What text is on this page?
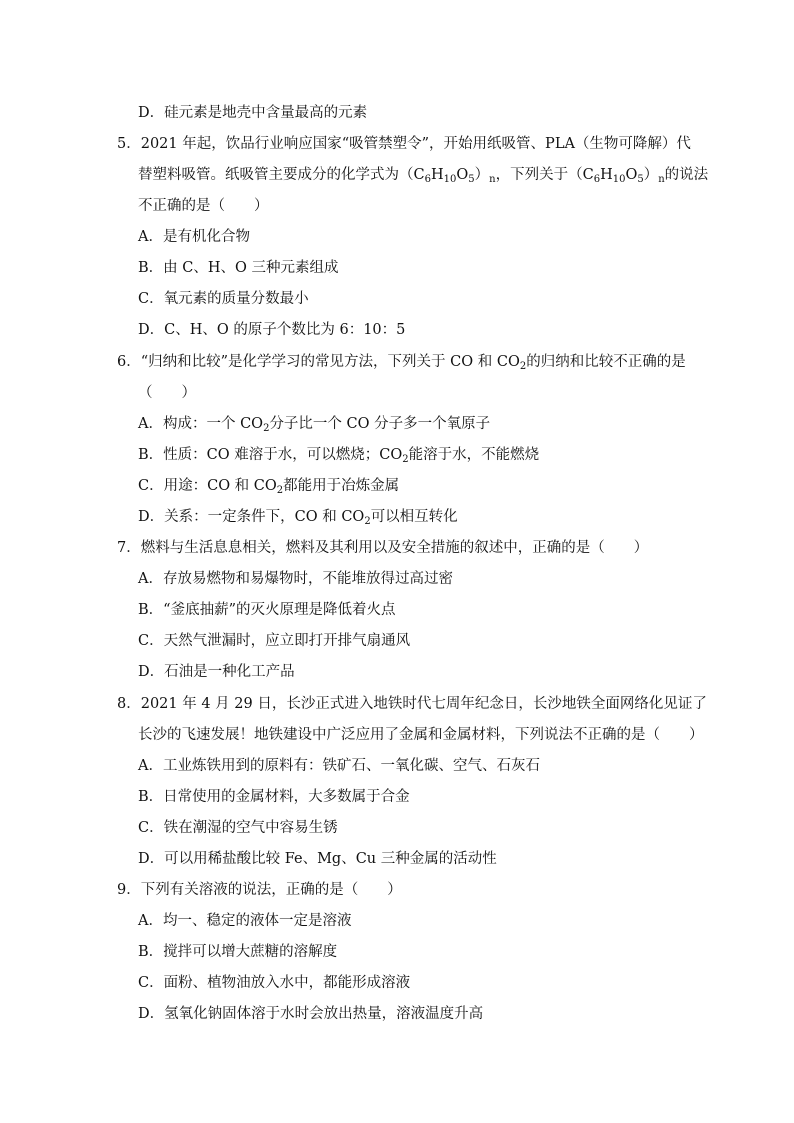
D．硅元素是地壳中含量最高的元素
5．2021 年起，饮品行业响应国家“吸管禁塑令”，开始用纸吸管、PLA（生物可降解）代
替塑料吸管。纸吸管主要成分的化学式为$(C_6H_{10}O_5)_n$，下列关于$(C_6H_{10}O_5)_n$的说法
不正确的是（　　）
A．是有机化合物
B．由 C、H、O 三种元素组成
C．氧元素的质量分数最小
D．C、H、O 的原子个数比为 6：10：5
6．“归纳和比较”是化学学习的常见方法，下列关于 CO 和 $CO_2$的归纳和比较不正确的是
（　　）
A．构成：一个 $CO_2$分子比一个 CO 分子多一个氧原子
B．性质：CO 难溶于水，可以燃烧；$CO_2$能溶于水，不能燃烧
C．用途：CO 和 $CO_2$都能用于冶炼金属
D．关系：一定条件下，CO 和 $CO_2$可以相互转化
7．燃料与生活息息相关，燃料及其利用以及安全措施的叙述中，正确的是（　　）
A．存放易燃物和易爆物时，不能堆放得过高过密
B．“釜底抽薪”的灭火原理是降低着火点
C．天然气泄漏时，应立即打开排气扇通风
D．石油是一种化工产品
8．2021 年 4 月 29 日，长沙正式进入地铁时代七周年纪念日，长沙地铁全面网络化见证了
长沙的飞速发展！地铁建设中广泛应用了金属和金属材料，下列说法不正确的是（　　）
A．工业炼铁用到的原料有：铁矿石、一氧化碳、空气、石灰石
B．日常使用的金属材料，大多数属于合金
C．铁在潮湿的空气中容易生锈
D．可以用稀盐酸比较 Fe、Mg、Cu 三种金属的活动性
9．下列有关溶液的说法，正确的是（　　）
A．均一、稳定的液体一定是溶液
B．搅拌可以增大蔗糖的溶解度
C．面粉、植物油放入水中，都能形成溶液
D．氢氧化钠固体溶于水时会放出热量，溶液温度升高
